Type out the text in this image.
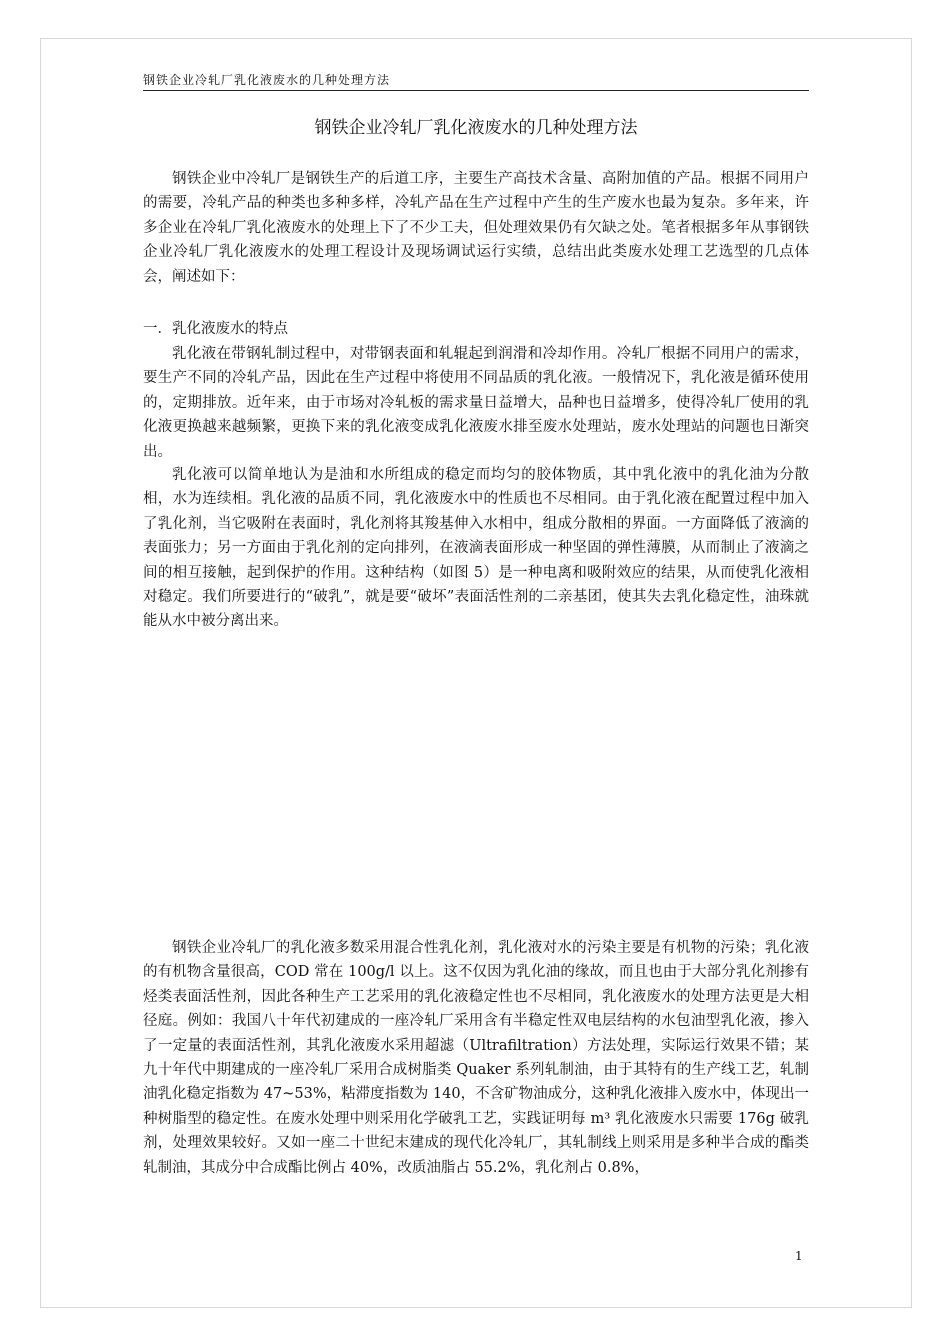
钢铁企业冷轧厂乳化液废水的几种处理方法
钢铁企业冷轧厂乳化液废水的几种处理方法

钢铁企业中冷轧厂是钢铁生产的后道工序，主要生产高技术含量、高附加值的产品。根据不同用户的需要，冷轧产品的种类也多种多样，冷轧产品在生产过程中产生的生产废水也最为复杂。多年来，许多企业在冷轧厂乳化液废水的处理上下了不少工夫，但处理效果仍有欠缺之处。笔者根据多年从事钢铁企业冷轧厂乳化液废水的处理工程设计及现场调试运行实绩，总结出此类废水处理工艺选型的几点体会，阐述如下：

一．乳化液废水的特点

乳化液在带钢轧制过程中，对带钢表面和轧辊起到润滑和冷却作用。冷轧厂根据不同用户的需求，要生产不同的冷轧产品，因此在生产过程中将使用不同品质的乳化液。一般情况下，乳化液是循环使用的，定期排放。近年来，由于市场对冷轧板的需求量日益增大，品种也日益增多，使得冷轧厂使用的乳化液更换越来越频繁，更换下来的乳化液变成乳化液废水排至废水处理站，废水处理站的问题也日渐突出。

乳化液可以简单地认为是油和水所组成的稳定而均匀的胶体物质，其中乳化液中的乳化油为分散相，水为连续相。乳化液的品质不同，乳化液废水中的性质也不尽相同。由于乳化液在配置过程中加入了乳化剂，当它吸附在表面时，乳化剂将其羧基伸入水相中，组成分散相的界面。一方面降低了液滴的表面张力；另一方面由于乳化剂的定向排列，在液滴表面形成一种坚固的弹性薄膜，从而制止了液滴之间的相互接触，起到保护的作用。这种结构（如图 5）是一种电离和吸附效应的结果，从而使乳化液相对稳定。我们所要进行的“破乳”，就是要“破坏”表面活性剂的二亲基团，使其失去乳化稳定性，油珠就能从水中被分离出来。

钢铁企业冷轧厂的乳化液多数采用混合性乳化剂，乳化液对水的污染主要是有机物的污染；乳化液的有机物含量很高，COD 常在 100g/l 以上。这不仅因为乳化油的缘故，而且也由于大部分乳化剂掺有烃类表面活性剂，因此各种生产工艺采用的乳化液稳定性也不尽相同，乳化液废水的处理方法更是大相径庭。例如：我国八十年代初建成的一座冷轧厂采用含有半稳定性双电层结构的水包油型乳化液，掺入了一定量的表面活性剂，其乳化液废水采用超滤（Ultrafiltration）方法处理，实际运行效果不错；某九十年代中期建成的一座冷轧厂采用合成树脂类 Quaker 系列轧制油，由于其特有的生产线工艺，轧制油乳化稳定指数为 47~53%，粘滞度指数为 140，不含矿物油成分，这种乳化液排入废水中，体现出一种树脂型的稳定性。在废水处理中则采用化学破乳工艺，实践证明每 m³ 乳化液废水只需要 176g 破乳剂，处理效果较好。又如一座二十世纪末建成的现代化冷轧厂，其轧制线上则采用是多种半合成的酯类轧制油，其成分中合成酯比例占 40%，改质油脂占 55.2%，乳化剂占 0.8%，

1
